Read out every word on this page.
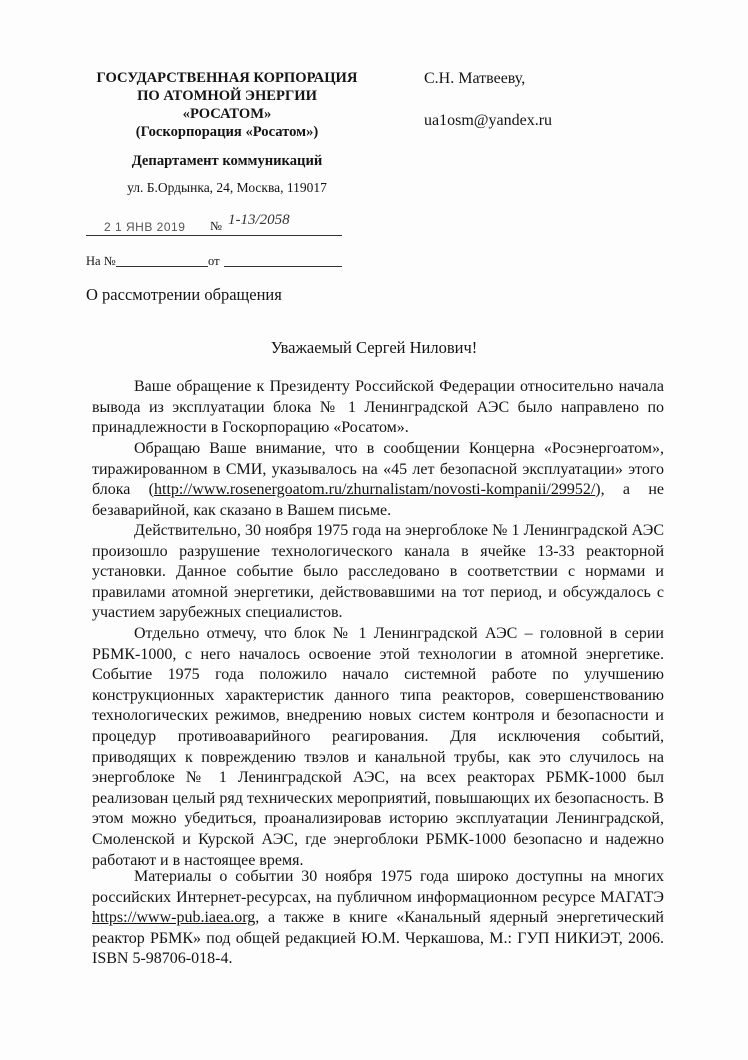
ГОСУДАРСТВЕННАЯ КОРПОРАЦИЯ
ПО АТОМНОЙ ЭНЕРГИИ
«РОСАТОМ»
(Госкорпорация «Росатом»)
Департамент коммуникаций
ул. Б.Ордынка, 24, Москва, 119017
С.Н. Матвееву,
ua1osm@yandex.ru
2 1 ЯНВ 2019 № 1-13/2058
На №	от
О рассмотрении обращения
Уважаемый Сергей Нилович!

Ваше обращение к Президенту Российской Федерации относительно начала вывода из эксплуатации блока № 1 Ленинградской АЭС было направлено по принадлежности в Госкорпорацию «Росатом».

Обращаю Ваше внимание, что в сообщении Концерна «Росэнергоатом», тиражированном в СМИ, указывалось на «45 лет безопасной эксплуатации» этого блока (http://www.rosenergoatom.ru/zhurnalistam/novosti-kompanii/29952/), а не безаварийной, как сказано в Вашем письме.

Действительно, 30 ноября 1975 года на энергоблоке № 1 Ленинградской АЭС произошло разрушение технологического канала в ячейке 13-33 реакторной установки. Данное событие было расследовано в соответствии с нормами и правилами атомной энергетики, действовавшими на тот период, и обсуждалось с участием зарубежных специалистов.

Отдельно отмечу, что блок № 1 Ленинградской АЭС – головной в серии РБМК-1000, с него началось освоение этой технологии в атомной энергетике. Событие 1975 года положило начало системной работе по улучшению конструкционных характеристик данного типа реакторов, совершенствованию технологических режимов, внедрению новых систем контроля и безопасности и процедур противоаварийного реагирования. Для исключения событий, приводящих к повреждению твэлов и канальной трубы, как это случилось на энергоблоке № 1 Ленинградской АЭС, на всех реакторах РБМК-1000 был реализован целый ряд технических мероприятий, повышающих их безопасность. В этом можно убедиться, проанализировав историю эксплуатации Ленинградской, Смоленской и Курской АЭС, где энергоблоки РБМК-1000 безопасно и надежно работают и в настоящее время.

Материалы о событии 30 ноября 1975 года широко доступны на многих российских Интернет-ресурсах, на публичном информационном ресурсе МАГАТЭ https://www-pub.iaea.org, а также в книге «Канальный ядерный энергетический реактор РБМК» под общей редакцией Ю.М. Черкашова, М.: ГУП НИКИЭТ, 2006. ISBN 5-98706-018-4.
